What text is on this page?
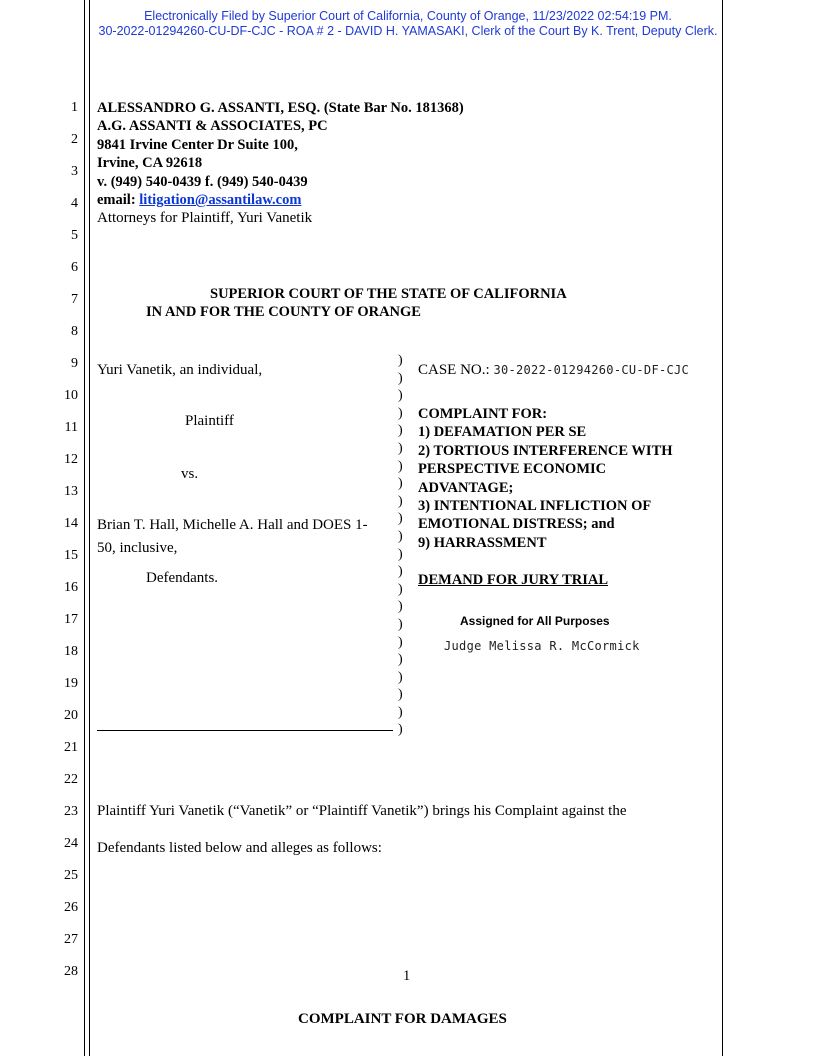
Electronically Filed by Superior Court of California, County of Orange, 11/23/2022 02:54:19 PM.
30-2022-01294260-CU-DF-CJC - ROA # 2 - DAVID H. YAMASAKI, Clerk of the Court By K. Trent, Deputy Clerk.
1
2
3
4
5
6
7
8
9
10
11
12
13
14
15
16
17
18
19
20
21
22
23
24
25
26
27
28
ALESSANDRO G. ASSANTI, ESQ. (State Bar No. 181368)
A.G. ASSANTI & ASSOCIATES, PC
9841 Irvine Center Dr Suite 100,
Irvine, CA 92618
v. (949) 540-0439 f. (949) 540-0439
email: litigation@assantilaw.com
Attorneys for Plaintiff, Yuri Vanetik
SUPERIOR COURT OF THE STATE OF CALIFORNIA
IN AND FOR THE COUNTY OF ORANGE
Yuri Vanetik, an individual,
Plaintiff
vs.
Brian T. Hall, Michelle A. Hall and DOES 1-
50, inclusive,
Defendants.
)
)
)
)
)
)
)
)
)
)
)
)
)
)
)
)
)
)
)
)
)
)
CASE NO.: 30-2022-01294260-CU-DF-CJC
COMPLAINT FOR:
1) DEFAMATION PER SE
2) TORTIOUS INTERFERENCE WITH
PERSPECTIVE ECONOMIC
ADVANTAGE;
3) INTENTIONAL INFLICTION OF
EMOTIONAL DISTRESS; and
9) HARRASSMENT
DEMAND FOR JURY TRIAL
Assigned for All Purposes
Judge Melissa R. McCormick
Plaintiff Yuri Vanetik (“Vanetik” or “Plaintiff Vanetik”) brings his Complaint against the
Defendants listed below and alleges as follows:
1
COMPLAINT FOR DAMAGES
